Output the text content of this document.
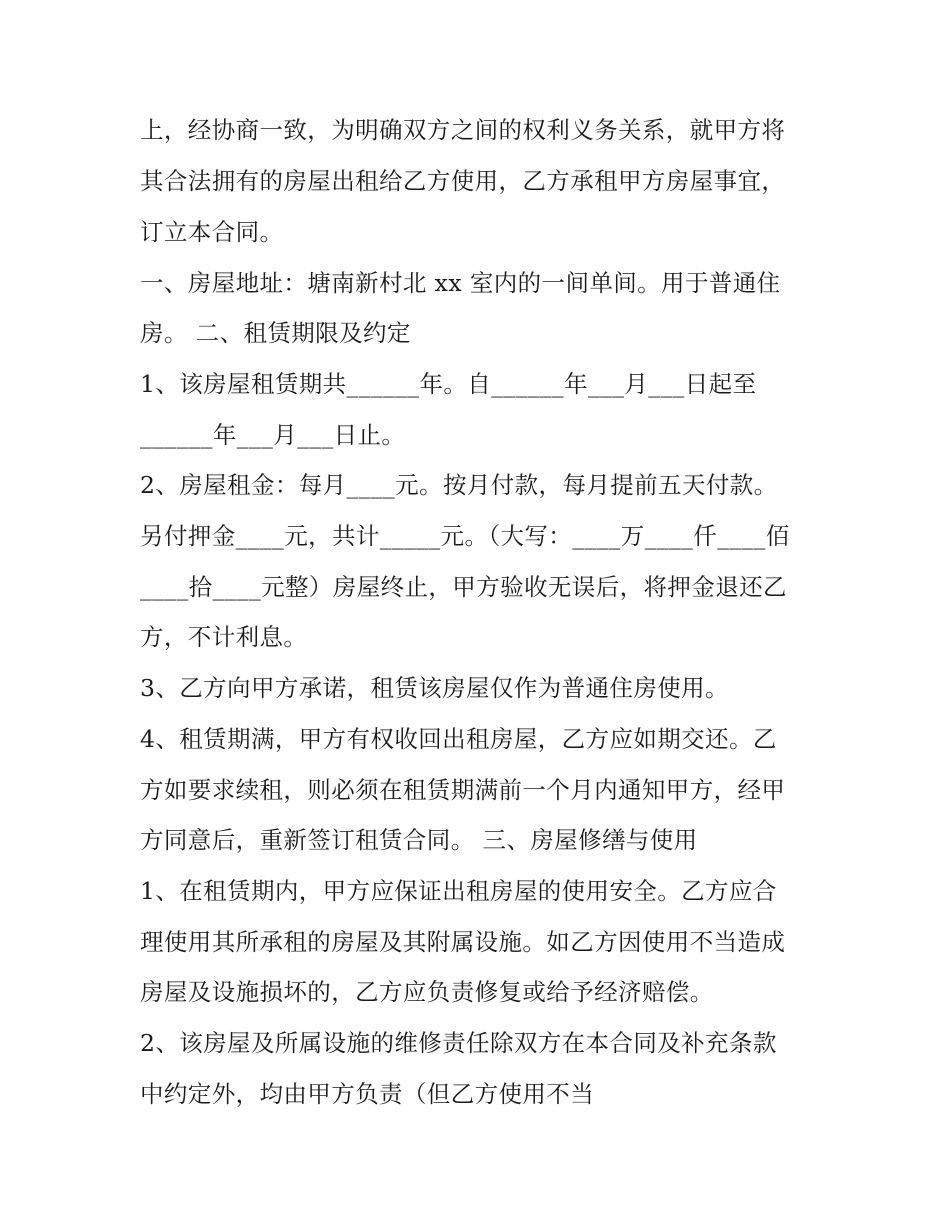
上，经协商一致，为明确双方之间的权利义务关系，就甲方将

其合法拥有的房屋出租给乙方使用，乙方承租甲方房屋事宜，

订立本合同。

一、房屋地址：塘南新村北 xx 室内的一间单间。用于普通住

房。 二、租赁期限及约定

1、该房屋租赁期共______年。自______年___月___日起至

______年___月___日止。

2、房屋租金：每月____元。按月付款，每月提前五天付款。

另付押金____元，共计_____元。（大写：____万____仟____佰

____拾____元整）房屋终止，甲方验收无误后，将押金退还乙

方，不计利息。

3、乙方向甲方承诺，租赁该房屋仅作为普通住房使用。

4、租赁期满，甲方有权收回出租房屋，乙方应如期交还。乙

方如要求续租，则必须在租赁期满前一个月内通知甲方，经甲

方同意后，重新签订租赁合同。 三、房屋修缮与使用

1、在租赁期内，甲方应保证出租房屋的使用安全。乙方应合

理使用其所承租的房屋及其附属设施。如乙方因使用不当造成

房屋及设施损坏的，乙方应负责修复或给予经济赔偿。

2、该房屋及所属设施的维修责任除双方在本合同及补充条款

中约定外，均由甲方负责（但乙方使用不当
